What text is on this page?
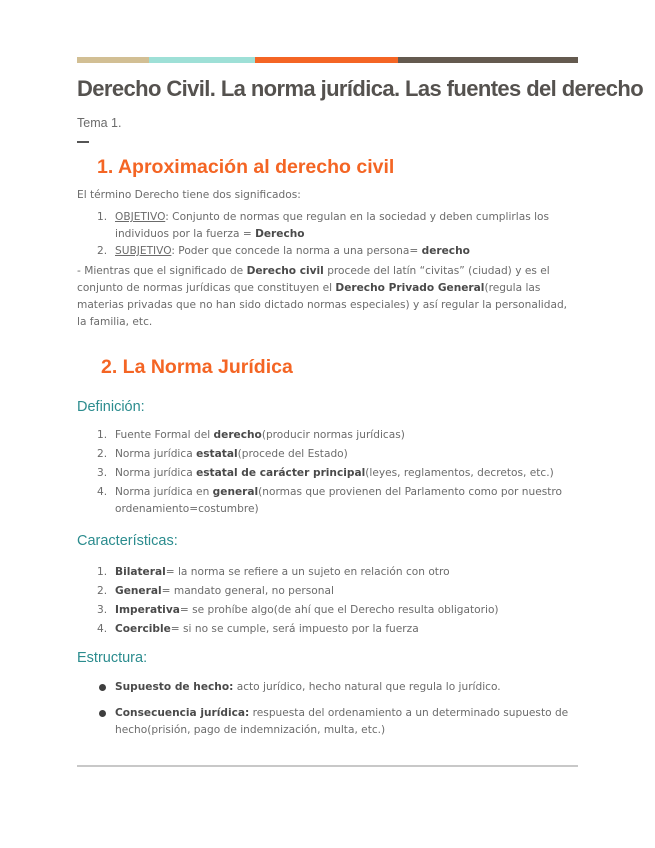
Derecho Civil. La norma jurídica. Las fuentes del derecho
Tema 1.
1. Aproximación al derecho civil
El término Derecho tiene dos significados:
1. OBJETIVO: Conjunto de normas que regulan en la sociedad y deben cumplirlas los individuos por la fuerza = Derecho
2. SUBJETIVO: Poder que concede la norma a una persona= derecho
- Mientras que el significado de Derecho civil procede del latín “civitas” (ciudad) y es el conjunto de normas jurídicas que constituyen el Derecho Privado General(regula las materias privadas que no han sido dictado normas especiales) y así regular la personalidad, la familia, etc.
2. La Norma Jurídica
Definición:
1. Fuente Formal del derecho(producir normas jurídicas)
2. Norma jurídica estatal(procede del Estado)
3. Norma jurídica estatal de carácter principal(leyes, reglamentos, decretos, etc.)
4. Norma jurídica en general(normas que provienen del Parlamento como por nuestro ordenamiento=costumbre)
Características:
1. Bilateral= la norma se refiere a un sujeto en relación con otro
2. General= mandato general, no personal
3. Imperativa= se prohíbe algo(de ahí que el Derecho resulta obligatorio)
4. Coercible= si no se cumple, será impuesto por la fuerza
Estructura:
Supuesto de hecho: acto jurídico, hecho natural que regula lo jurídico.
Consecuencia jurídica: respuesta del ordenamiento a un determinado supuesto de hecho(prisión, pago de indemnización, multa, etc.)
